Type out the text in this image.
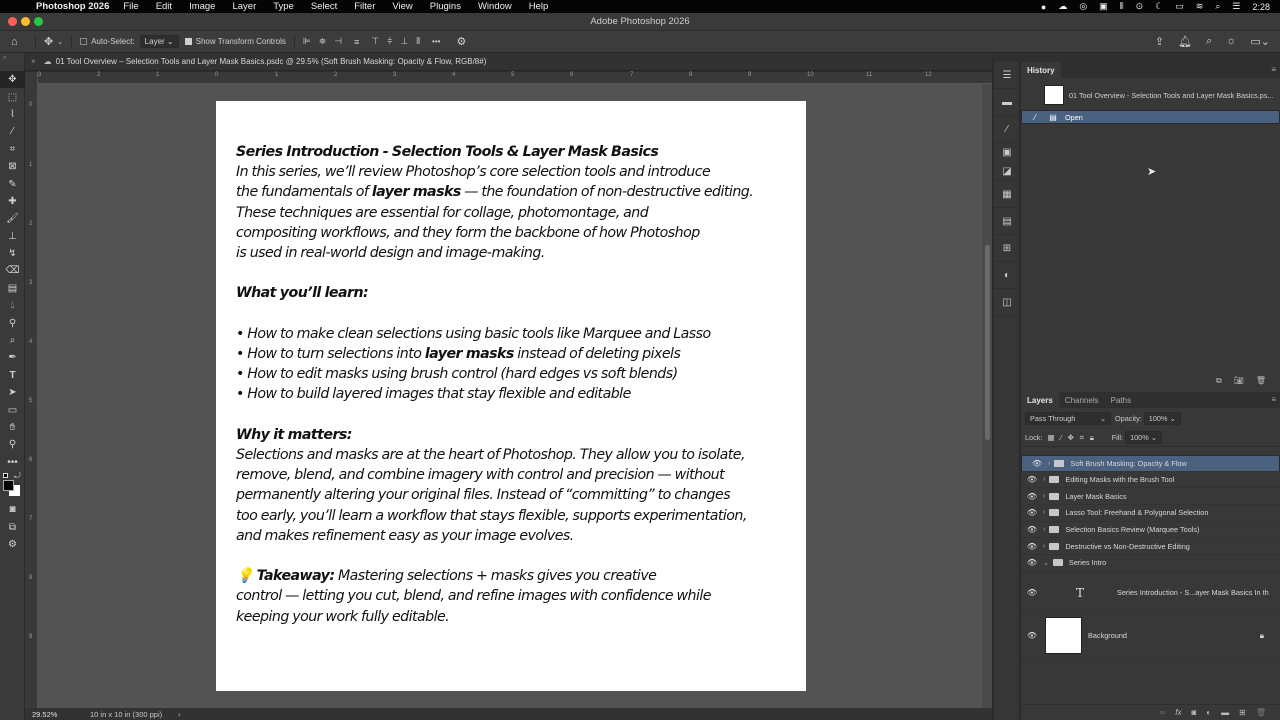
Photoshop 2026 File Edit Image Layer Type Select Filter View Plugins Window Help	● ☁ ◎ ▣ ⦀ ⊙ ☾ ▭ ≋ ⌕ ☰ 2:28
Adobe Photoshop 2026
⌂	✥ ⌄	Auto-Select:	Layer ⌄	Show Transform Controls ⊫ ≑ ⊣ ≡ ⊤ ⫩ ⊥ ⫴ ••• ⚙	⇪ 🔔︎ ⌕ ☼ ▭⌄
»
✥
⬚
⌇
⁄
⌗
⊠
✎
✚
🖌︎
⊥
↯
⌫
▤
💧︎
⚲
⌕
✒
T
➤
▭
✋︎
⚲
•••
⤾
◙
⧉
⚙
× ☁ 01 Tool Overview – Selection Tools and Layer Mask Basics.psdc @ 29.5% (Soft Brush Masking: Opacity & Flow, RGB/8#)
3	2	1	0	1	2	3	4	5	6	7	8	9	10	11	12
0
1
2
3
4
5
6
7
8
9

Series Introduction - Selection Tools & Layer Mask Basics

In this series, we’ll review Photoshop’s core selection tools and introduce

the fundamentals of layer masks — the foundation of non-destructive editing.

These techniques are essential for collage, photomontage, and

compositing workflows, and they form the backbone of how Photoshop

is used in real-world design and image-making.

What you’ll learn:

• How to make clean selections using basic tools like Marquee and Lasso

• How to turn selections into layer masks instead of deleting pixels

• How to edit masks using brush control (hard edges vs soft blends)

• How to build layered images that stay flexible and editable

Why it matters:

Selections and masks are at the heart of Photoshop. They allow you to isolate,

remove, blend, and combine imagery with control and precision — without

permanently altering your original files. Instead of “committing” to changes

too early, you’ll learn a workflow that stays flexible, supports experimentation,

and makes refinement easy as your image evolves.

💡 Takeaway: Mastering selections + masks gives you creative

control — letting you cut, blend, and refine images with confidence while

keeping your work fully editable.

29.52%	10 in x 10 in (300 ppi)	›
☰
▬
⁄
▣
◪
▦
▤
⊞
◐
◫
History	≡
01 Tool Overview - Selection Tools and Layer Mask Basics.ps...
⁄	▤	Open
⧉ 📷︎ 🗑︎
Layers	Channels	Paths	≡
Pass Through	⌄ Opacity: 100% ⌄
Lock: ▦ ⁄ ✥ ⌗ 🔒︎ Fill: 100% ⌄
👁︎ ›	Soft Brush Masking: Opacity & Flow
👁︎ ›	Editing Masks with the Brush Tool
👁︎ ›	Layer Mask Basics
👁︎ ›	Lasso Tool: Freehand & Polygonal Selection
👁︎ ›	Selection Basics Review (Marquee Tools)
👁︎ ›	Destructive vs Non-Destructive Editing
👁︎ ⌄	Series Intro
👁︎	T	Series Introduction - S...ayer Mask Basics In th
👁︎	Background	🔒︎
∞ fx ◙ ◐ ▬ ⊞ 🗑︎
➤
